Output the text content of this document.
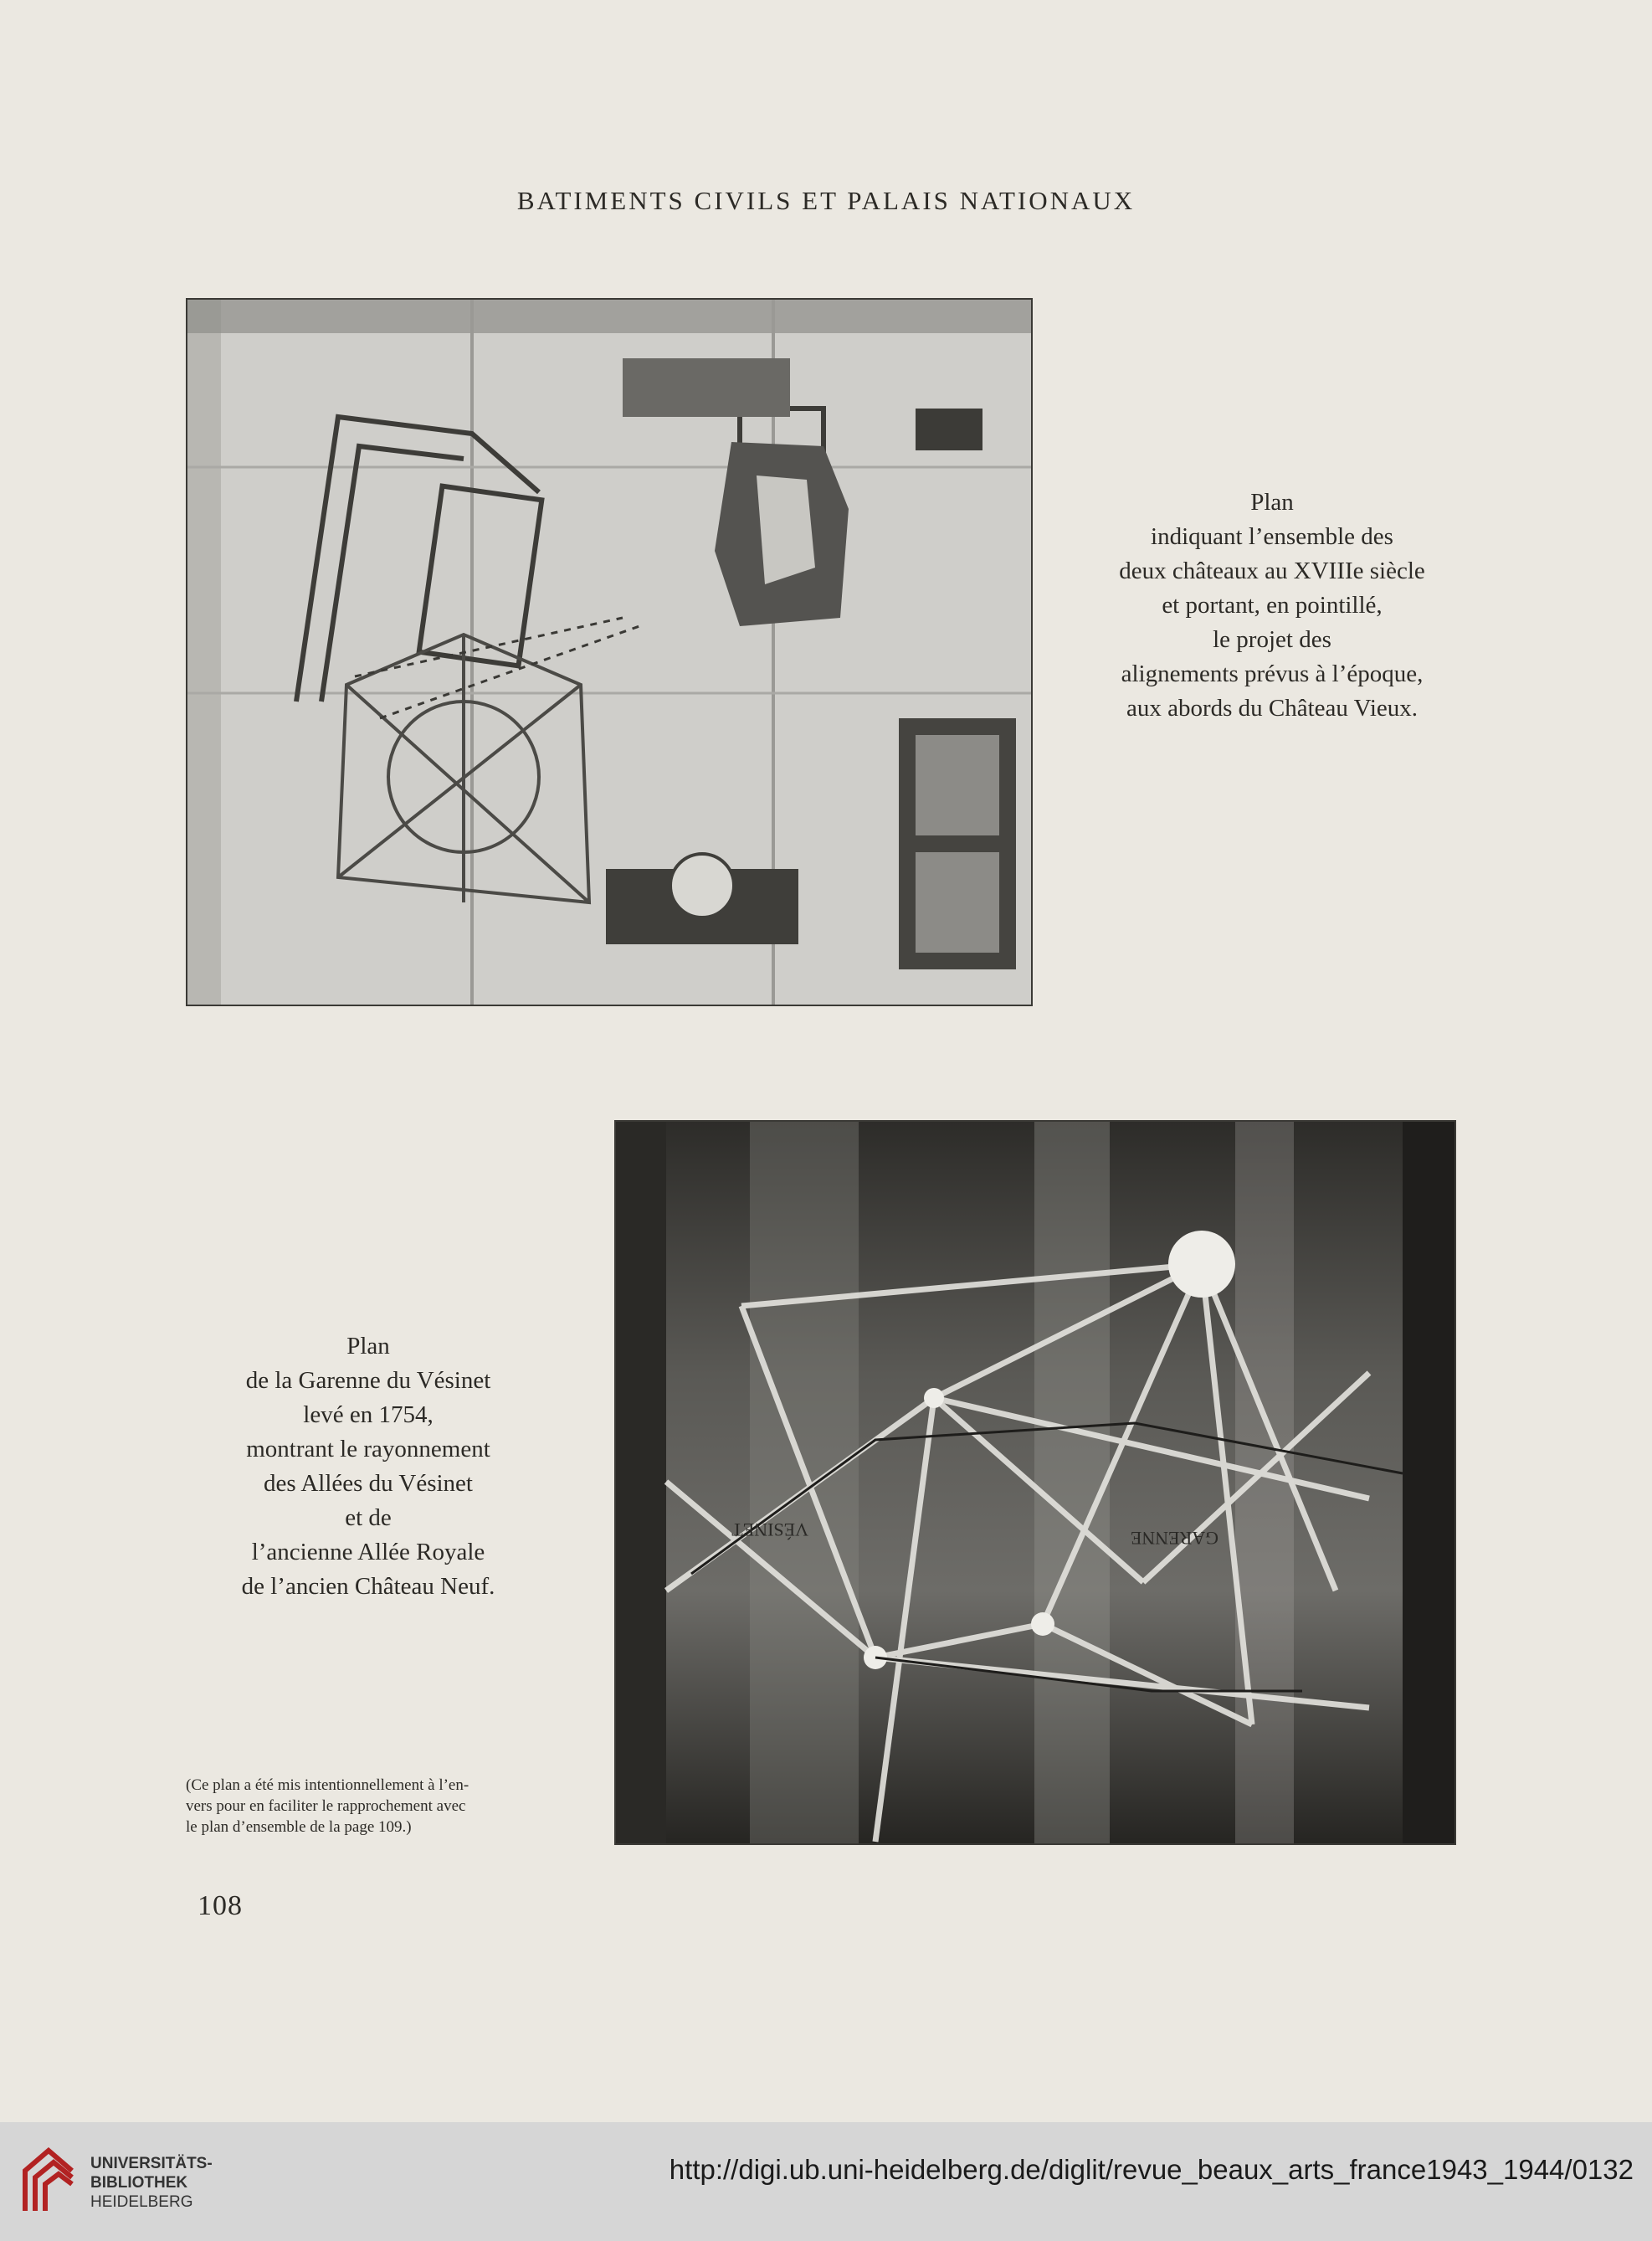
BATIMENTS CIVILS ET PALAIS NATIONAUX
Plan
indiquant l’ensemble des
deux châteaux au XVIIIe siècle
et portant, en pointillé,
le projet des
alignements prévus à l’époque,
aux abords du Château Vieux.
VÉSINET	GARENNE
Plan
de la Garenne du Vésinet
levé en 1754,
montrant le rayonnement
des Allées du Vésinet
et de
l’ancienne Allée Royale
de l’ancien Château Neuf.
(Ce plan a été mis intentionnellement à l’en-
vers pour en faciliter le rapprochement avec
le plan d’ensemble de la page 109.)
108
UNIVERSITÄTS-
BIBLIOTHEK
HEIDELBERG
http://digi.ub.uni-heidelberg.de/diglit/revue_beaux_arts_france1943_1944/0132
